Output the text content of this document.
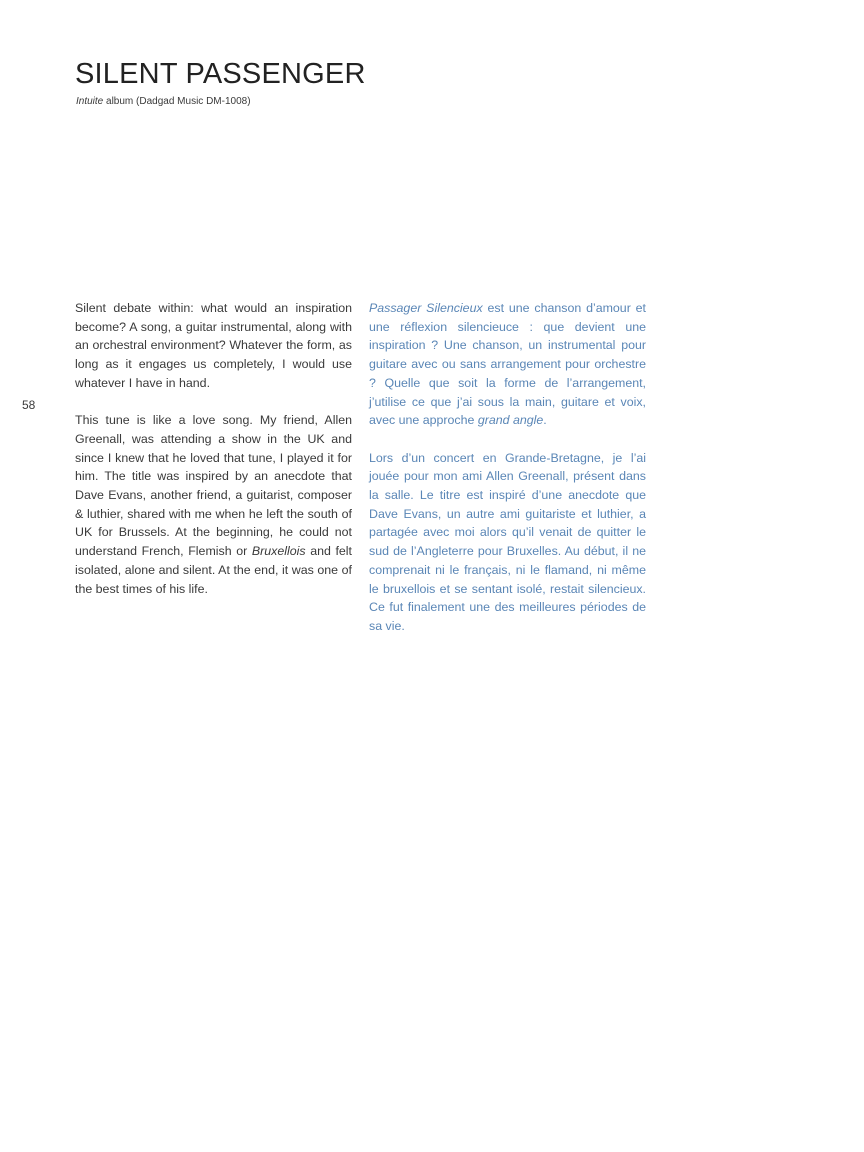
SILENT PASSENGER
Intuite album (Dadgad Music DM-1008)
58

Silent debate within: what would an inspiration become? A song, a guitar instrumental, along with an orchestral environment? Whatever the form, as long as it engages us completely, I would use whatever I have in hand.

This tune is like a love song. My friend, Allen Greenall, was attending a show in the UK and since I knew that he loved that tune, I played it for him. The title was inspired by an anecdote that Dave Evans, another friend, a guitarist, composer & luthier, shared with me when he left the south of UK for Brussels. At the beginning, he could not understand French, Flemish or Bruxellois and felt isolated, alone and silent. At the end, it was one of the best times of his life.

Passager Silencieux est une chanson d’amour et une réflexion silencieuce : que devient une inspiration ? Une chanson, un instrumental pour guitare avec ou sans arrangement pour orchestre ? Quelle que soit la forme de l’arrangement, j’utilise ce que j’ai sous la main, guitare et voix, avec une approche grand angle.

Lors d’un concert en Grande-Bretagne, je l’ai jouée pour mon ami Allen Greenall, présent dans la salle. Le titre est inspiré d’une anecdote que Dave Evans, un autre ami guitariste et luthier, a partagée avec moi alors qu’il venait de quitter le sud de l’Angleterre pour Bruxelles. Au début, il ne comprenait ni le français, ni le flamand, ni même le bruxellois et se sentant isolé, restait silencieux. Ce fut finalement une des meilleures périodes de sa vie.
